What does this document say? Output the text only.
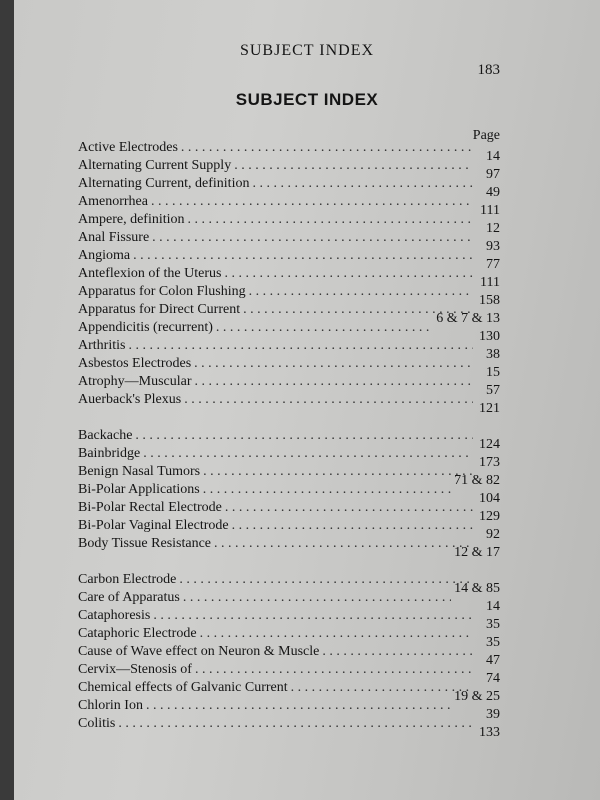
SUBJECT INDEX
183
SUBJECT INDEX
Page
Active Electrodes
. . .
Alternating Current Supply
. . .
14
Alternating Current, definition
. . .
97
Amenorrhea
. . .
49
Ampere, definition
. . .
111
Anal Fissure
. . .
12
Angioma
. . .
93
Anteflexion of the Uterus
. . .
77
Apparatus for Colon Flushing
. . .
111
Apparatus for Direct Current
. . .
158
Appendicitis (recurrent)
. . .
6 & 7 & 13
Arthritis
. . .
130
Asbestos Electrodes
. . .
38
Atrophy—Muscular
. . .
15
Auerback's Plexus
. . .
57
121
Backache
. . .
Bainbridge
. . .
124
Benign Nasal Tumors
. . .
173
Bi-Polar Applications
. . .
71 & 82
Bi-Polar Rectal Electrode
. . .
104
Bi-Polar Vaginal Electrode
. . .
129
Body Tissue Resistance
. . .
92
12 & 17
Carbon Electrode
. . .
Care of Apparatus
. . .
14 & 85
Cataphoresis
. . .
14
Cataphoric Electrode
. . .
35
Cause of Wave effect on Neuron & Muscle
. . .
35
Cervix—Stenosis of
. . .
47
Chemical effects of Galvanic Current
. . .
74
Chlorin Ion
. . .
19 & 25
Colitis
. . .
39
133
